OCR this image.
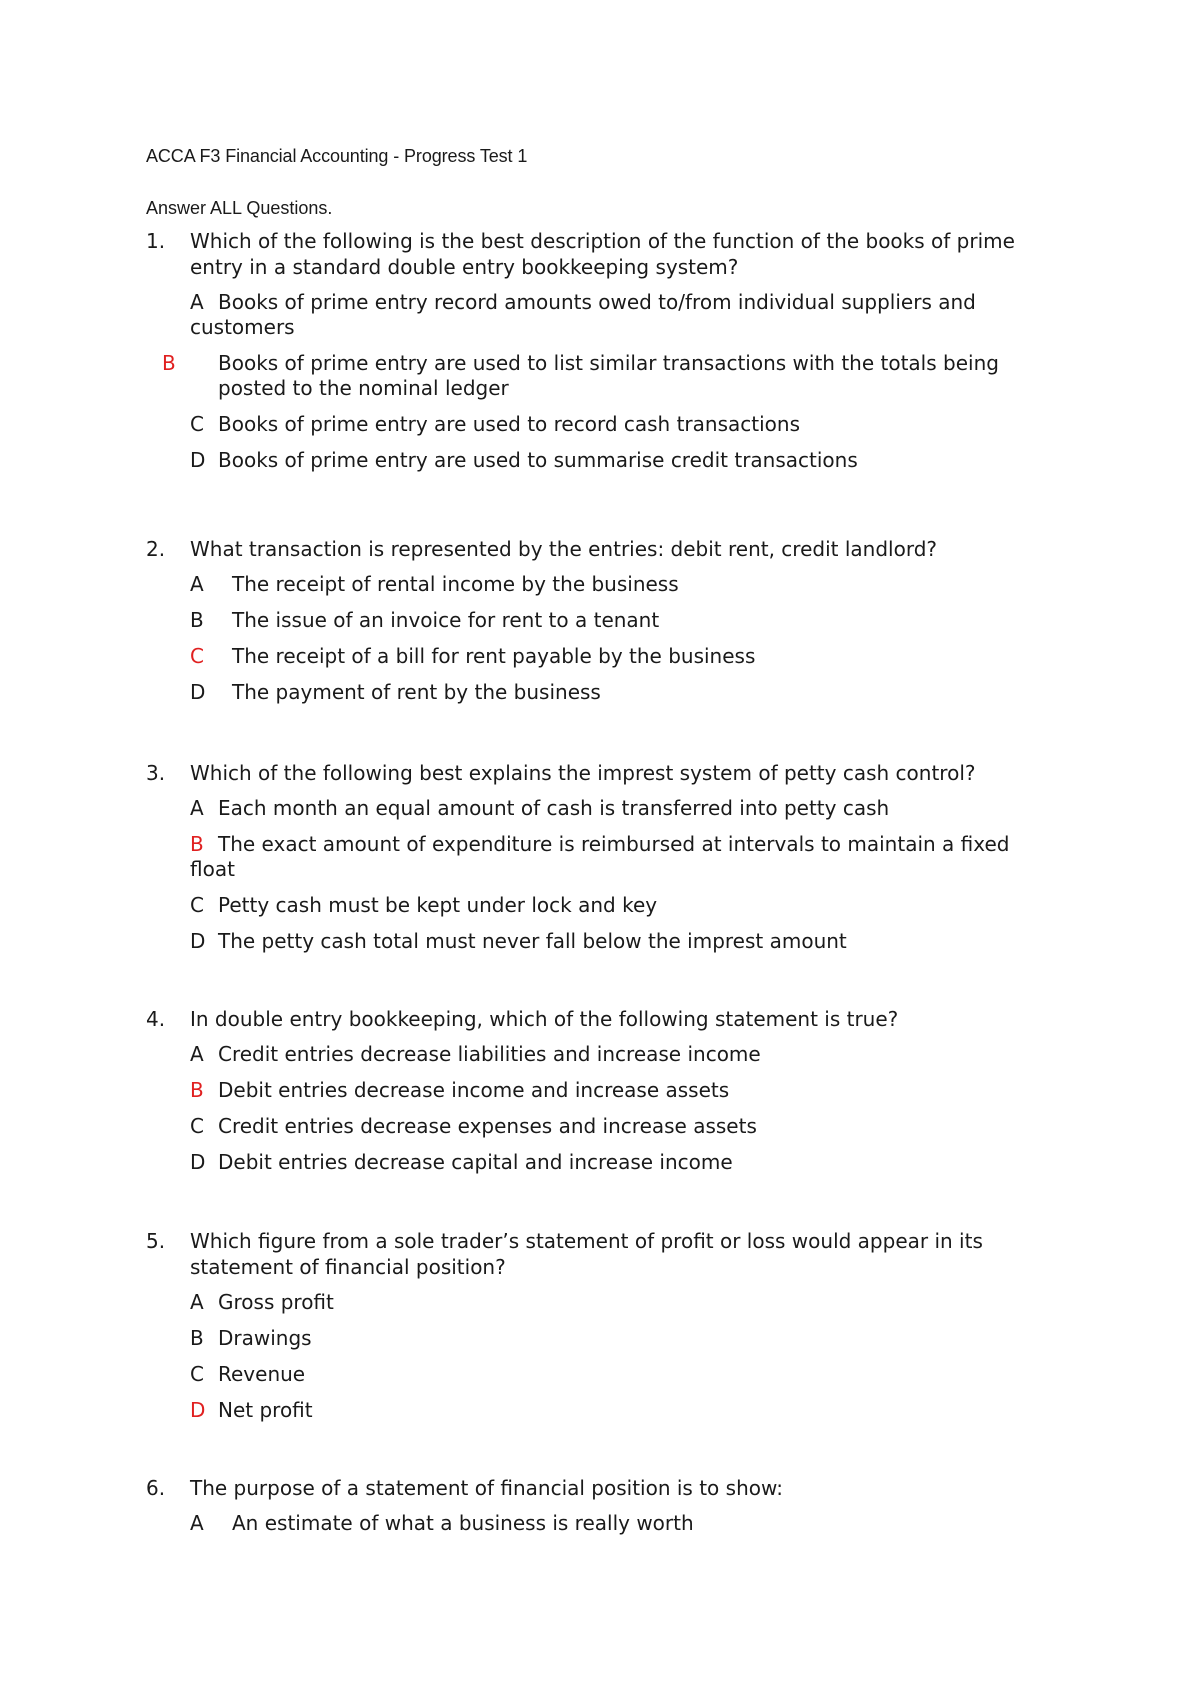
ACCA F3 Financial Accounting - Progress Test 1
Answer ALL Questions.
1. Which of the following is the best description of the function of the books of prime entry in a standard double entry bookkeeping system?
A Books of prime entry record amounts owed to/from individual suppliers and customers
B Books of prime entry are used to list similar transactions with the totals being posted to the nominal ledger
C Books of prime entry are used to record cash transactions
D Books of prime entry are used to summarise credit transactions
2. What transaction is represented by the entries: debit rent, credit landlord?
A The receipt of rental income by the business
B The issue of an invoice for rent to a tenant
C The receipt of a bill for rent payable by the business
D The payment of rent by the business
3. Which of the following best explains the imprest system of petty cash control?
A Each month an equal amount of cash is transferred into petty cash
B The exact amount of expenditure is reimbursed at intervals to maintain a fixed float
C Petty cash must be kept under lock and key
D The petty cash total must never fall below the imprest amount
4. In double entry bookkeeping, which of the following statement is true?
A Credit entries decrease liabilities and increase income
B Debit entries decrease income and increase assets
C Credit entries decrease expenses and increase assets
D Debit entries decrease capital and increase income
5. Which figure from a sole trader’s statement of profit or loss would appear in its statement of financial position?
A Gross profit
B Drawings
C Revenue
D Net profit
6. The purpose of a statement of financial position is to show:
A An estimate of what a business is really worth
